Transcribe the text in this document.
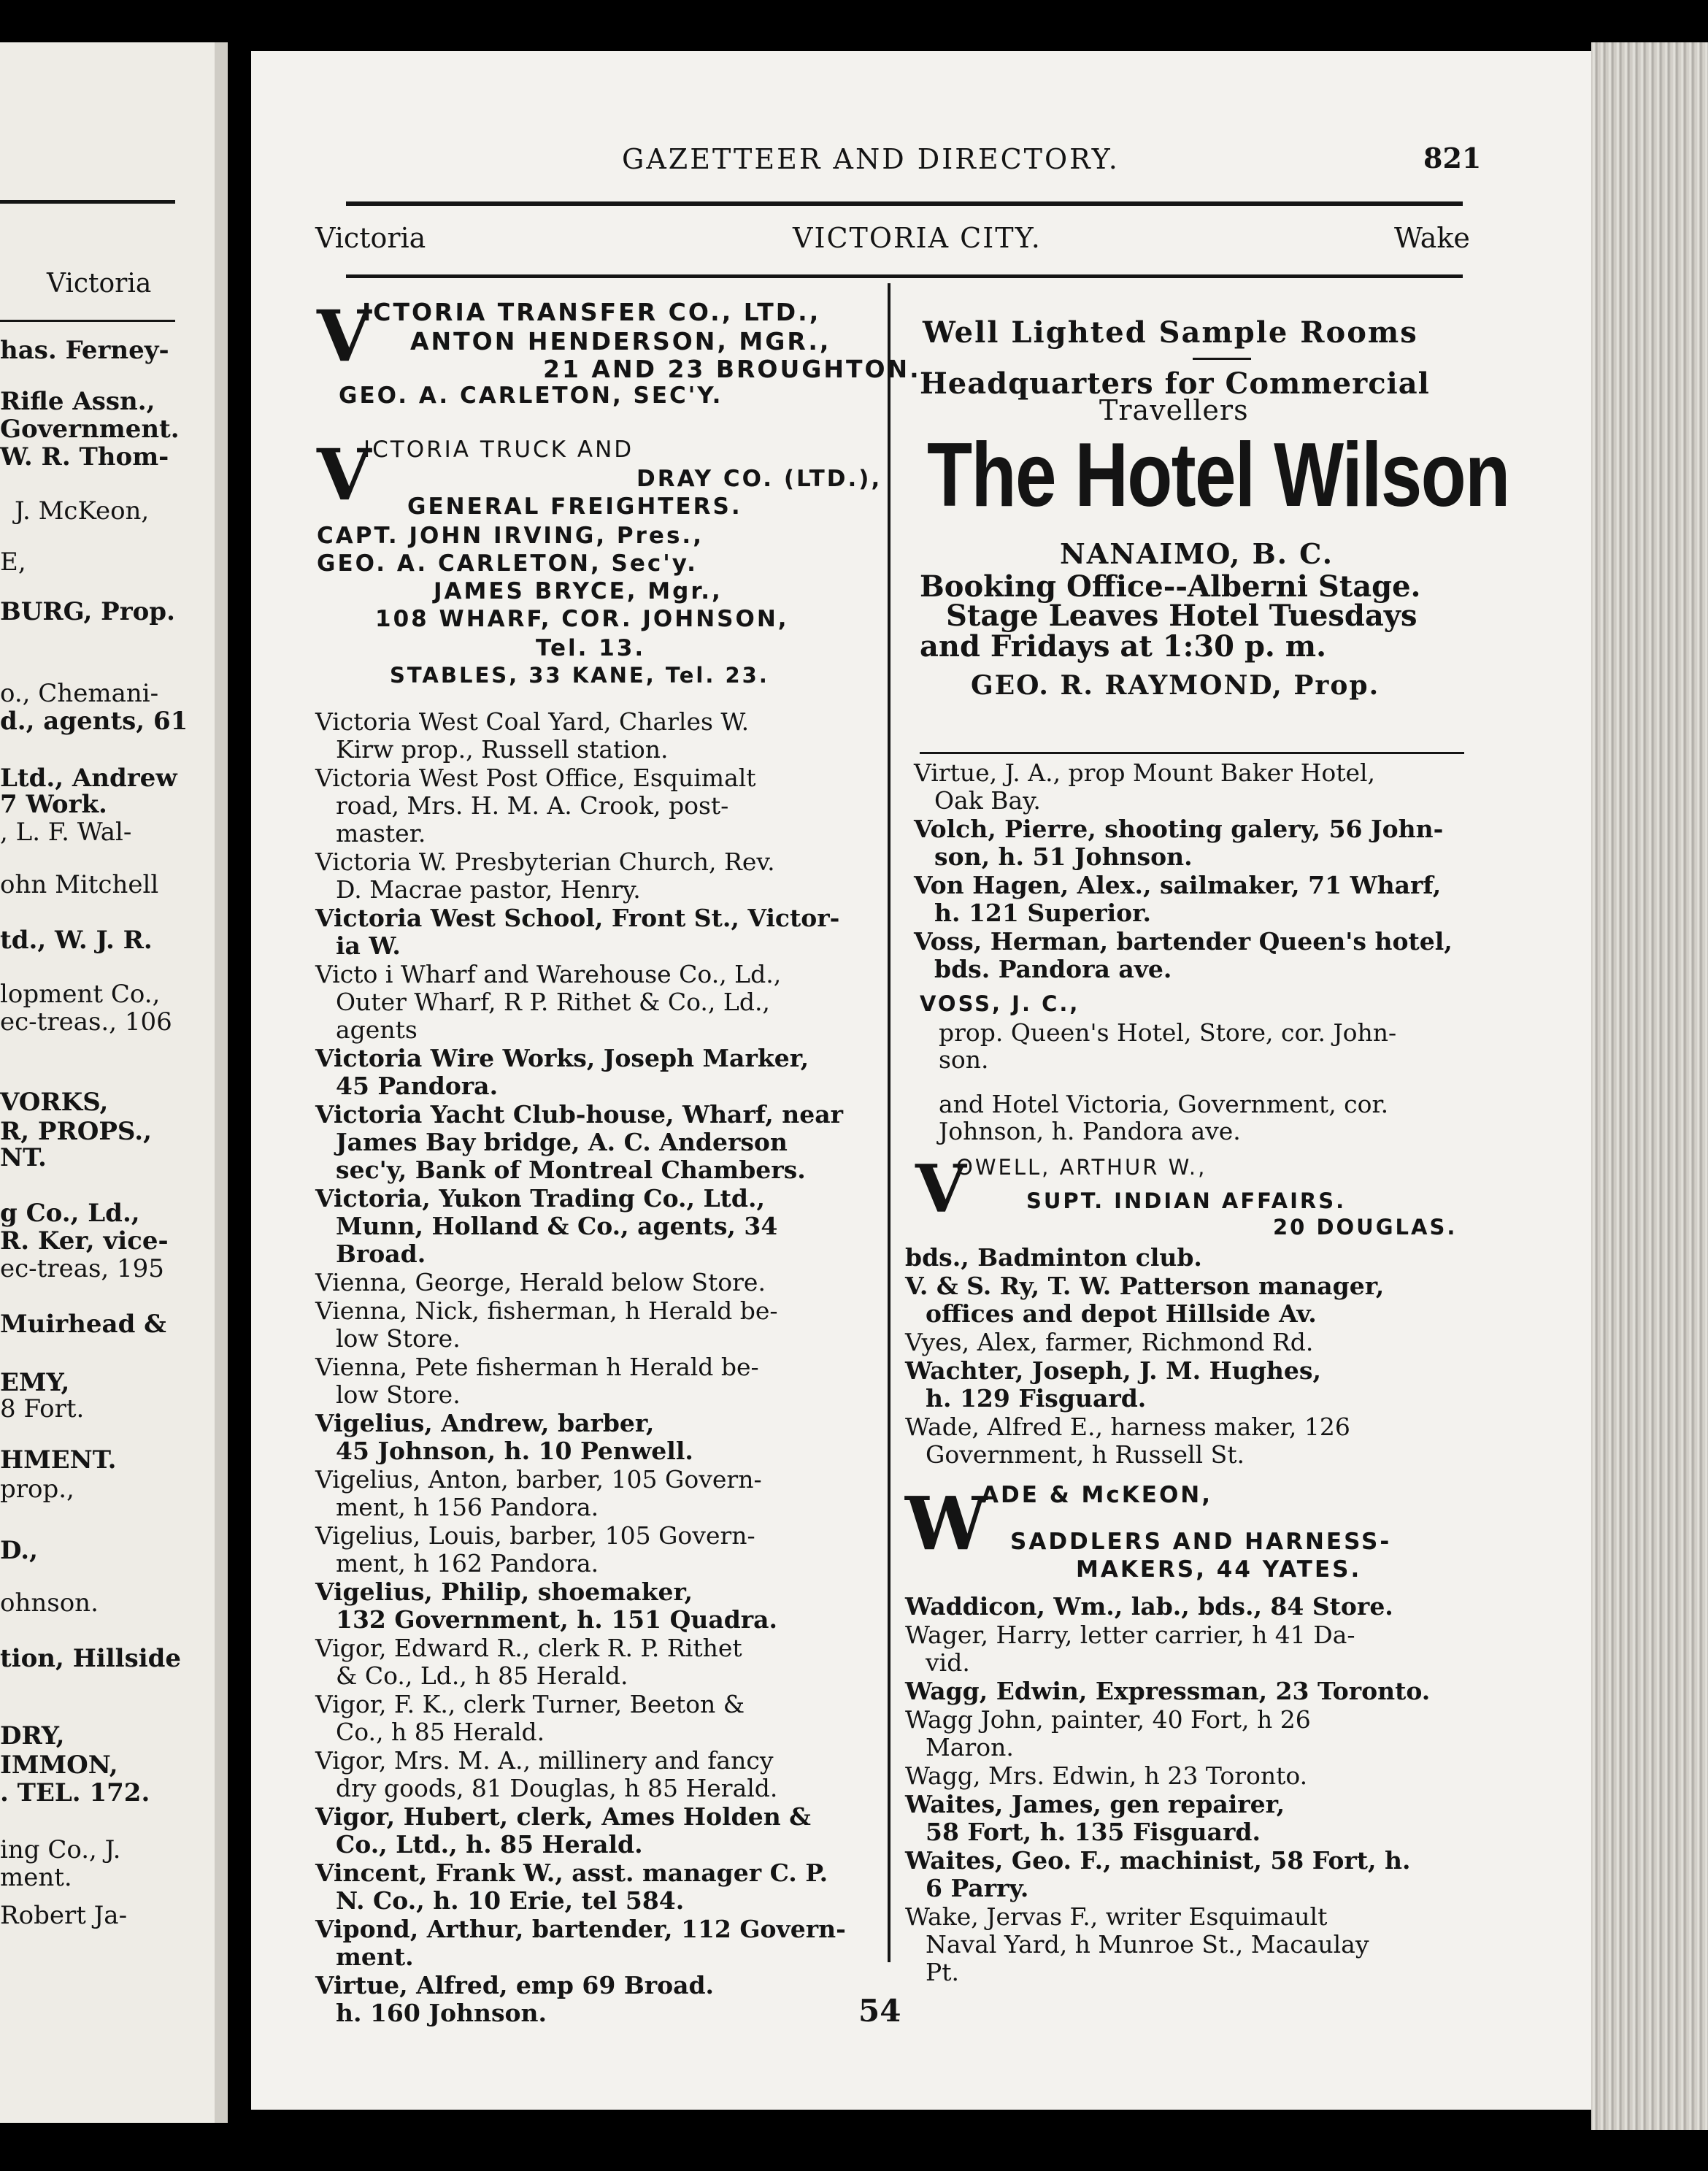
Victoria
has. Ferney-
Rifle Assn.,
Government.
W. R. Thom-
J. McKeon,
E,
BURG, Prop.
o., Chemani-
d., agents, 61
Ltd., Andrew
7 Work.
, L. F. Wal-
ohn Mitchell
td., W. J. R.
lopment Co.,
ec-treas., 106
VORKS,
R, PROPS.,
NT.
g Co., Ld.,
R. Ker, vice-
ec-treas, 195
Muirhead &
EMY,
8 Fort.
HMENT.
prop.,
D.,
ohnson.
tion, Hillside
DRY,
IMMON,
. TEL. 172.
ing Co., J.
ment.
Robert Ja-
GAZETTEER AND DIRECTORY.	821
Victoria	VICTORIA CITY.	Wake
V
ICTORIA TRANSFER CO., LTD.,
ANTON HENDERSON, MGR.,
21 AND 23 BROUGHTON.
GEO. A. CARLETON, SEC'Y.
V
ICTORIA TRUCK AND
DRAY CO. (LTD.),
GENERAL FREIGHTERS.
CAPT. JOHN IRVING, Pres.,
GEO. A. CARLETON, Sec'y.
JAMES BRYCE, Mgr.,
108 WHARF, COR. JOHNSON,
Tel. 13.
STABLES, 33 KANE, Tel. 23.
Victoria West Coal Yard, Charles W.
Kirw prop., Russell station.
Victoria West Post Office, Esquimalt
road, Mrs. H. M. A. Crook, post-
master.
Victoria W. Presbyterian Church, Rev.
D. Macrae pastor, Henry.
Victoria West School, Front St., Victor-
ia W.
Victo i Wharf and Warehouse Co., Ld.,
Outer Wharf, R P. Rithet & Co., Ld.,
agents
Victoria Wire Works, Joseph Marker,
45 Pandora.
Victoria Yacht Club-house, Wharf, near
James Bay bridge, A. C. Anderson
sec'y, Bank of Montreal Chambers.
Victoria, Yukon Trading Co., Ltd.,
Munn, Holland & Co., agents, 34
Broad.
Vienna, George, Herald below Store.
Vienna, Nick, fisherman, h Herald be-
low Store.
Vienna, Pete fisherman h Herald be-
low Store.
Vigelius, Andrew, barber,
45 Johnson, h. 10 Penwell.
Vigelius, Anton, barber, 105 Govern-
ment, h 156 Pandora.
Vigelius, Louis, barber, 105 Govern-
ment, h 162 Pandora.
Vigelius, Philip, shoemaker,
132 Government, h. 151 Quadra.
Vigor, Edward R., clerk R. P. Rithet
& Co., Ld., h 85 Herald.
Vigor, F. K., clerk Turner, Beeton &
Co., h 85 Herald.
Vigor, Mrs. M. A., millinery and fancy
dry goods, 81 Douglas, h 85 Herald.
Vigor, Hubert, clerk, Ames Holden &
Co., Ltd., h. 85 Herald.
Vincent, Frank W., asst. manager C. P.
N. Co., h. 10 Erie, tel 584.
Vipond, Arthur, bartender, 112 Govern-
ment.
Virtue, Alfred, emp 69 Broad.
h. 160 Johnson.
Well Lighted Sample Rooms
Headquarters for Commercial
Travellers
The Hotel Wilson
NANAIMO, B. C.
Booking Office--Alberni Stage.
Stage Leaves Hotel Tuesdays
and Fridays at 1:30 p. m.
GEO. R. RAYMOND, Prop.
Virtue, J. A., prop Mount Baker Hotel,
Oak Bay.
Volch, Pierre, shooting galery, 56 John-
son, h. 51 Johnson.
Von Hagen, Alex., sailmaker, 71 Wharf,
h. 121 Superior.
Voss, Herman, bartender Queen's hotel,
bds. Pandora ave.
VOSS, J. C.,
prop. Queen's Hotel, Store, cor. John-
son.
and Hotel Victoria, Government, cor.
Johnson, h. Pandora ave.
V
OWELL, ARTHUR W.,
SUPT. INDIAN AFFAIRS.
20 DOUGLAS.
bds., Badminton club.
V. & S. Ry, T. W. Patterson manager,
offices and depot Hillside Av.
Vyes, Alex, farmer, Richmond Rd.
Wachter, Joseph, J. M. Hughes,
h. 129 Fisguard.
Wade, Alfred E., harness maker, 126
Government, h Russell St.
W
ADE & McKEON,
SADDLERS AND HARNESS-
MAKERS, 44 YATES.
Waddicon, Wm., lab., bds., 84 Store.
Wager, Harry, letter carrier, h 41 Da-
vid.
Wagg, Edwin, Expressman, 23 Toronto.
Wagg John, painter, 40 Fort, h 26
Maron.
Wagg, Mrs. Edwin, h 23 Toronto.
Waites, James, gen repairer,
58 Fort, h. 135 Fisguard.
Waites, Geo. F., machinist, 58 Fort, h.
6 Parry.
Wake, Jervas F., writer Esquimault
Naval Yard, h Munroe St., Macaulay
Pt.
54
